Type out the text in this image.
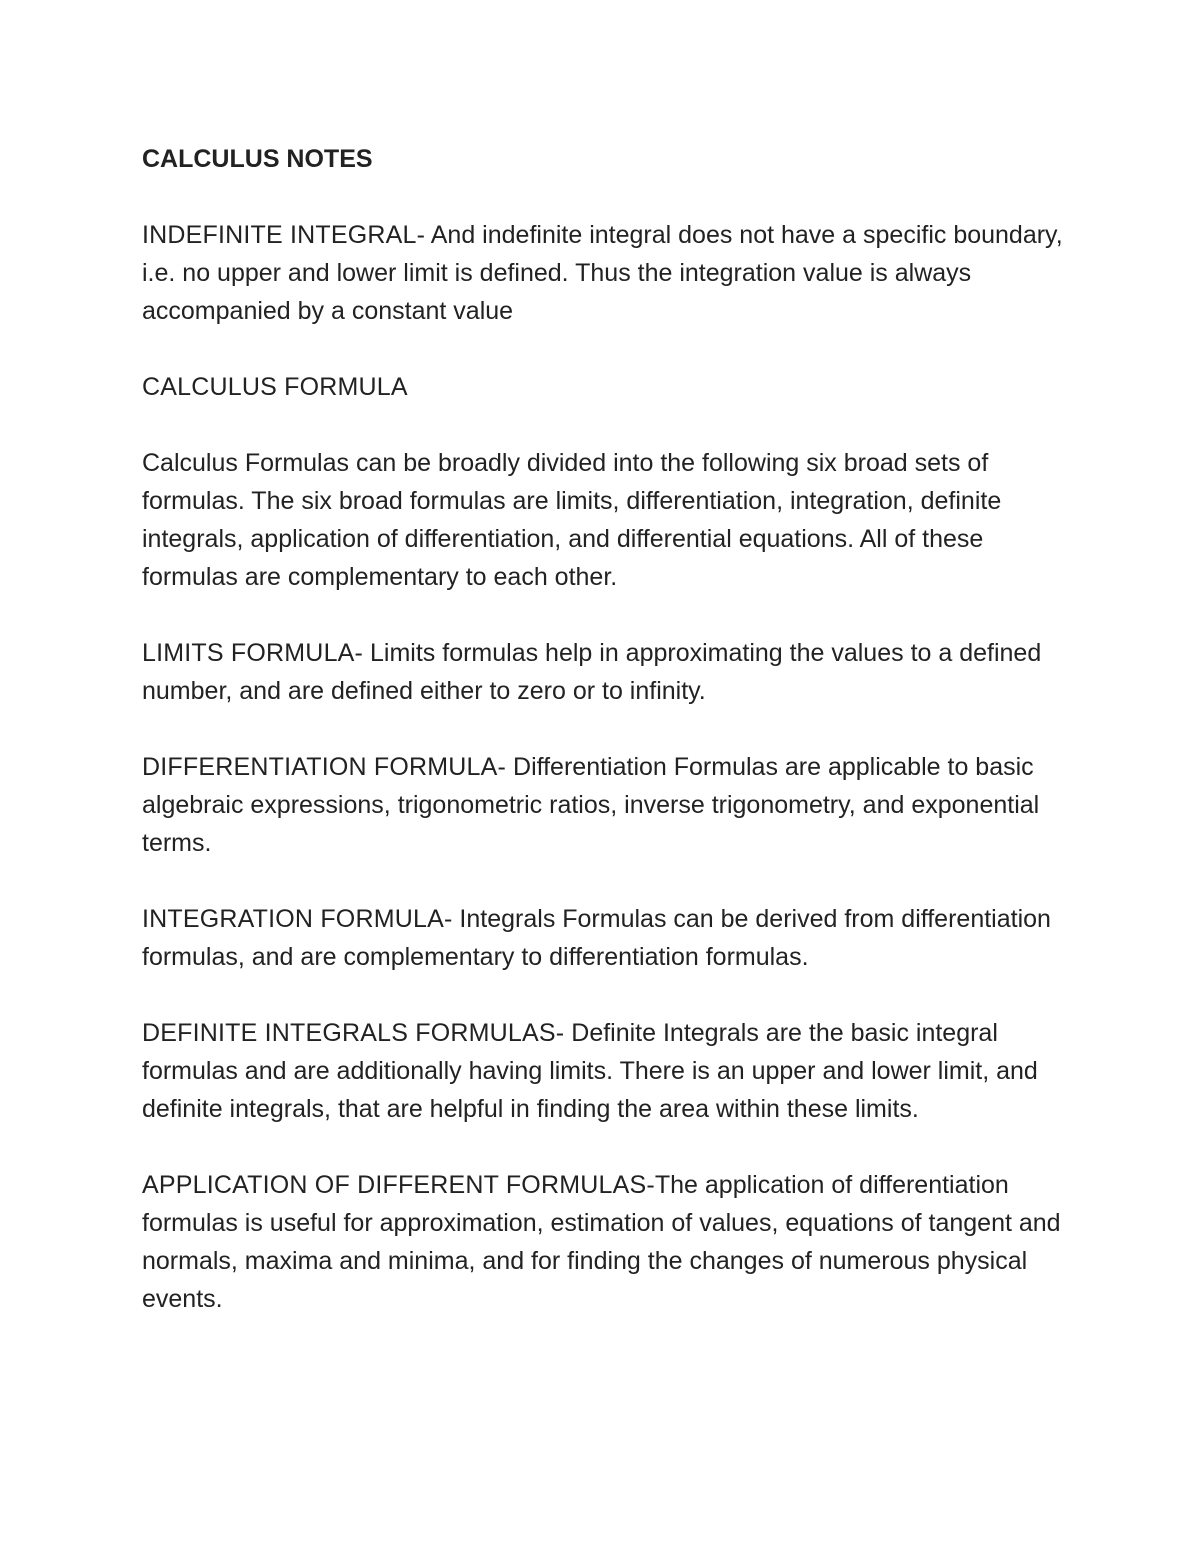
CALCULUS NOTES

INDEFINITE INTEGRAL- And indefinite integral does not have a specific boundary, i.e. no upper and lower limit is defined. Thus the integration value is always accompanied by a constant value

CALCULUS FORMULA

Calculus Formulas can be broadly divided into the following six broad sets of formulas. The six broad formulas are limits, differentiation, integration, definite integrals, application of differentiation, and differential equations. All of these formulas are complementary to each other.

LIMITS FORMULA- Limits formulas help in approximating the values to a defined number, and are defined either to zero or to infinity.

DIFFERENTIATION FORMULA- Differentiation Formulas are applicable to basic algebraic expressions, trigonometric ratios, inverse trigonometry, and exponential terms.

INTEGRATION FORMULA- Integrals Formulas can be derived from differentiation formulas, and are complementary to differentiation formulas.

DEFINITE INTEGRALS FORMULAS- Definite Integrals are the basic integral formulas and are additionally having limits. There is an upper and lower limit, and definite integrals, that are helpful in finding the area within these limits.

APPLICATION OF DIFFERENT FORMULAS-The application of differentiation formulas is useful for approximation, estimation of values, equations of tangent and normals, maxima and minima, and for finding the changes of numerous physical events.
